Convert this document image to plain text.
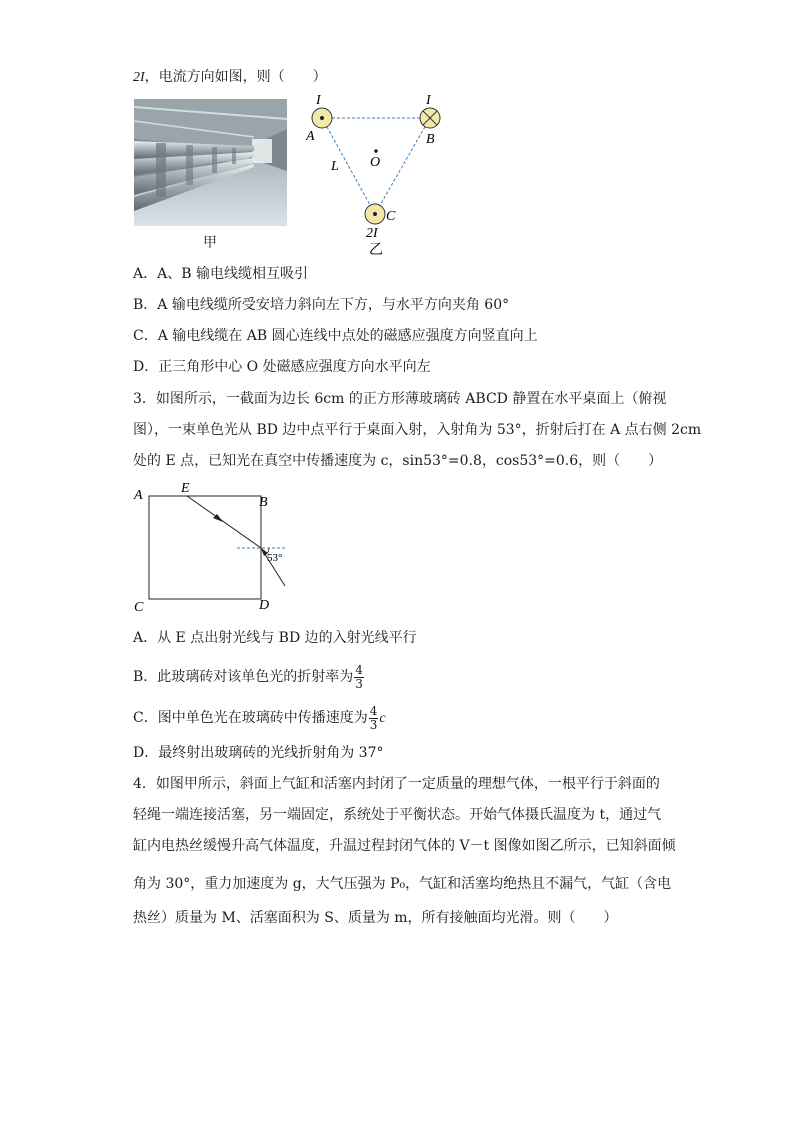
2I，电流方向如图，则（　　）
甲
I
A
I
B
L O
C
2I
乙
A．A、B 输电线缆相互吸引
B．A 输电线缆所受安培力斜向左下方，与水平方向夹角 60°
C．A 输电线缆在 AB 圆心连线中点处的磁感应强度方向竖直向上
D．正三角形中心 O 处磁感应强度方向水平向左
3．如图所示，一截面为边长 6cm 的正方形薄玻璃砖 ABCD 静置在水平桌面上（俯视
图），一束单色光从 BD 边中点平行于桌面入射，入射角为 53°，折射后打在 A 点右侧 2cm
处的 E 点，已知光在真空中传播速度为 c，sin53°=0.8，cos53°=0.6，则（　　）
A	E
B
C	D
53°
A．从 E 点出射光线与 BD 边的入射光线平行
B．此玻璃砖对该单色光的折射率为 $\frac{4}{3}$
C．图中单色光在玻璃砖中传播速度为 $\frac{4}{3}$ c
D．最终射出玻璃砖的光线折射角为 37°
4．如图甲所示，斜面上气缸和活塞内封闭了一定质量的理想气体，一根平行于斜面的
轻绳一端连接活塞，另一端固定，系统处于平衡状态。开始气体摄氏温度为 t，通过气
缸内电热丝缓慢升高气体温度，升温过程封闭气体的 V－t 图像如图乙所示，已知斜面倾
角为 30°，重力加速度为 g，大气压强为 P₀，气缸和活塞均绝热且不漏气，气缸（含电
热丝）质量为 M、活塞面积为 S、质量为 m，所有接触面均光滑。则（　　）
